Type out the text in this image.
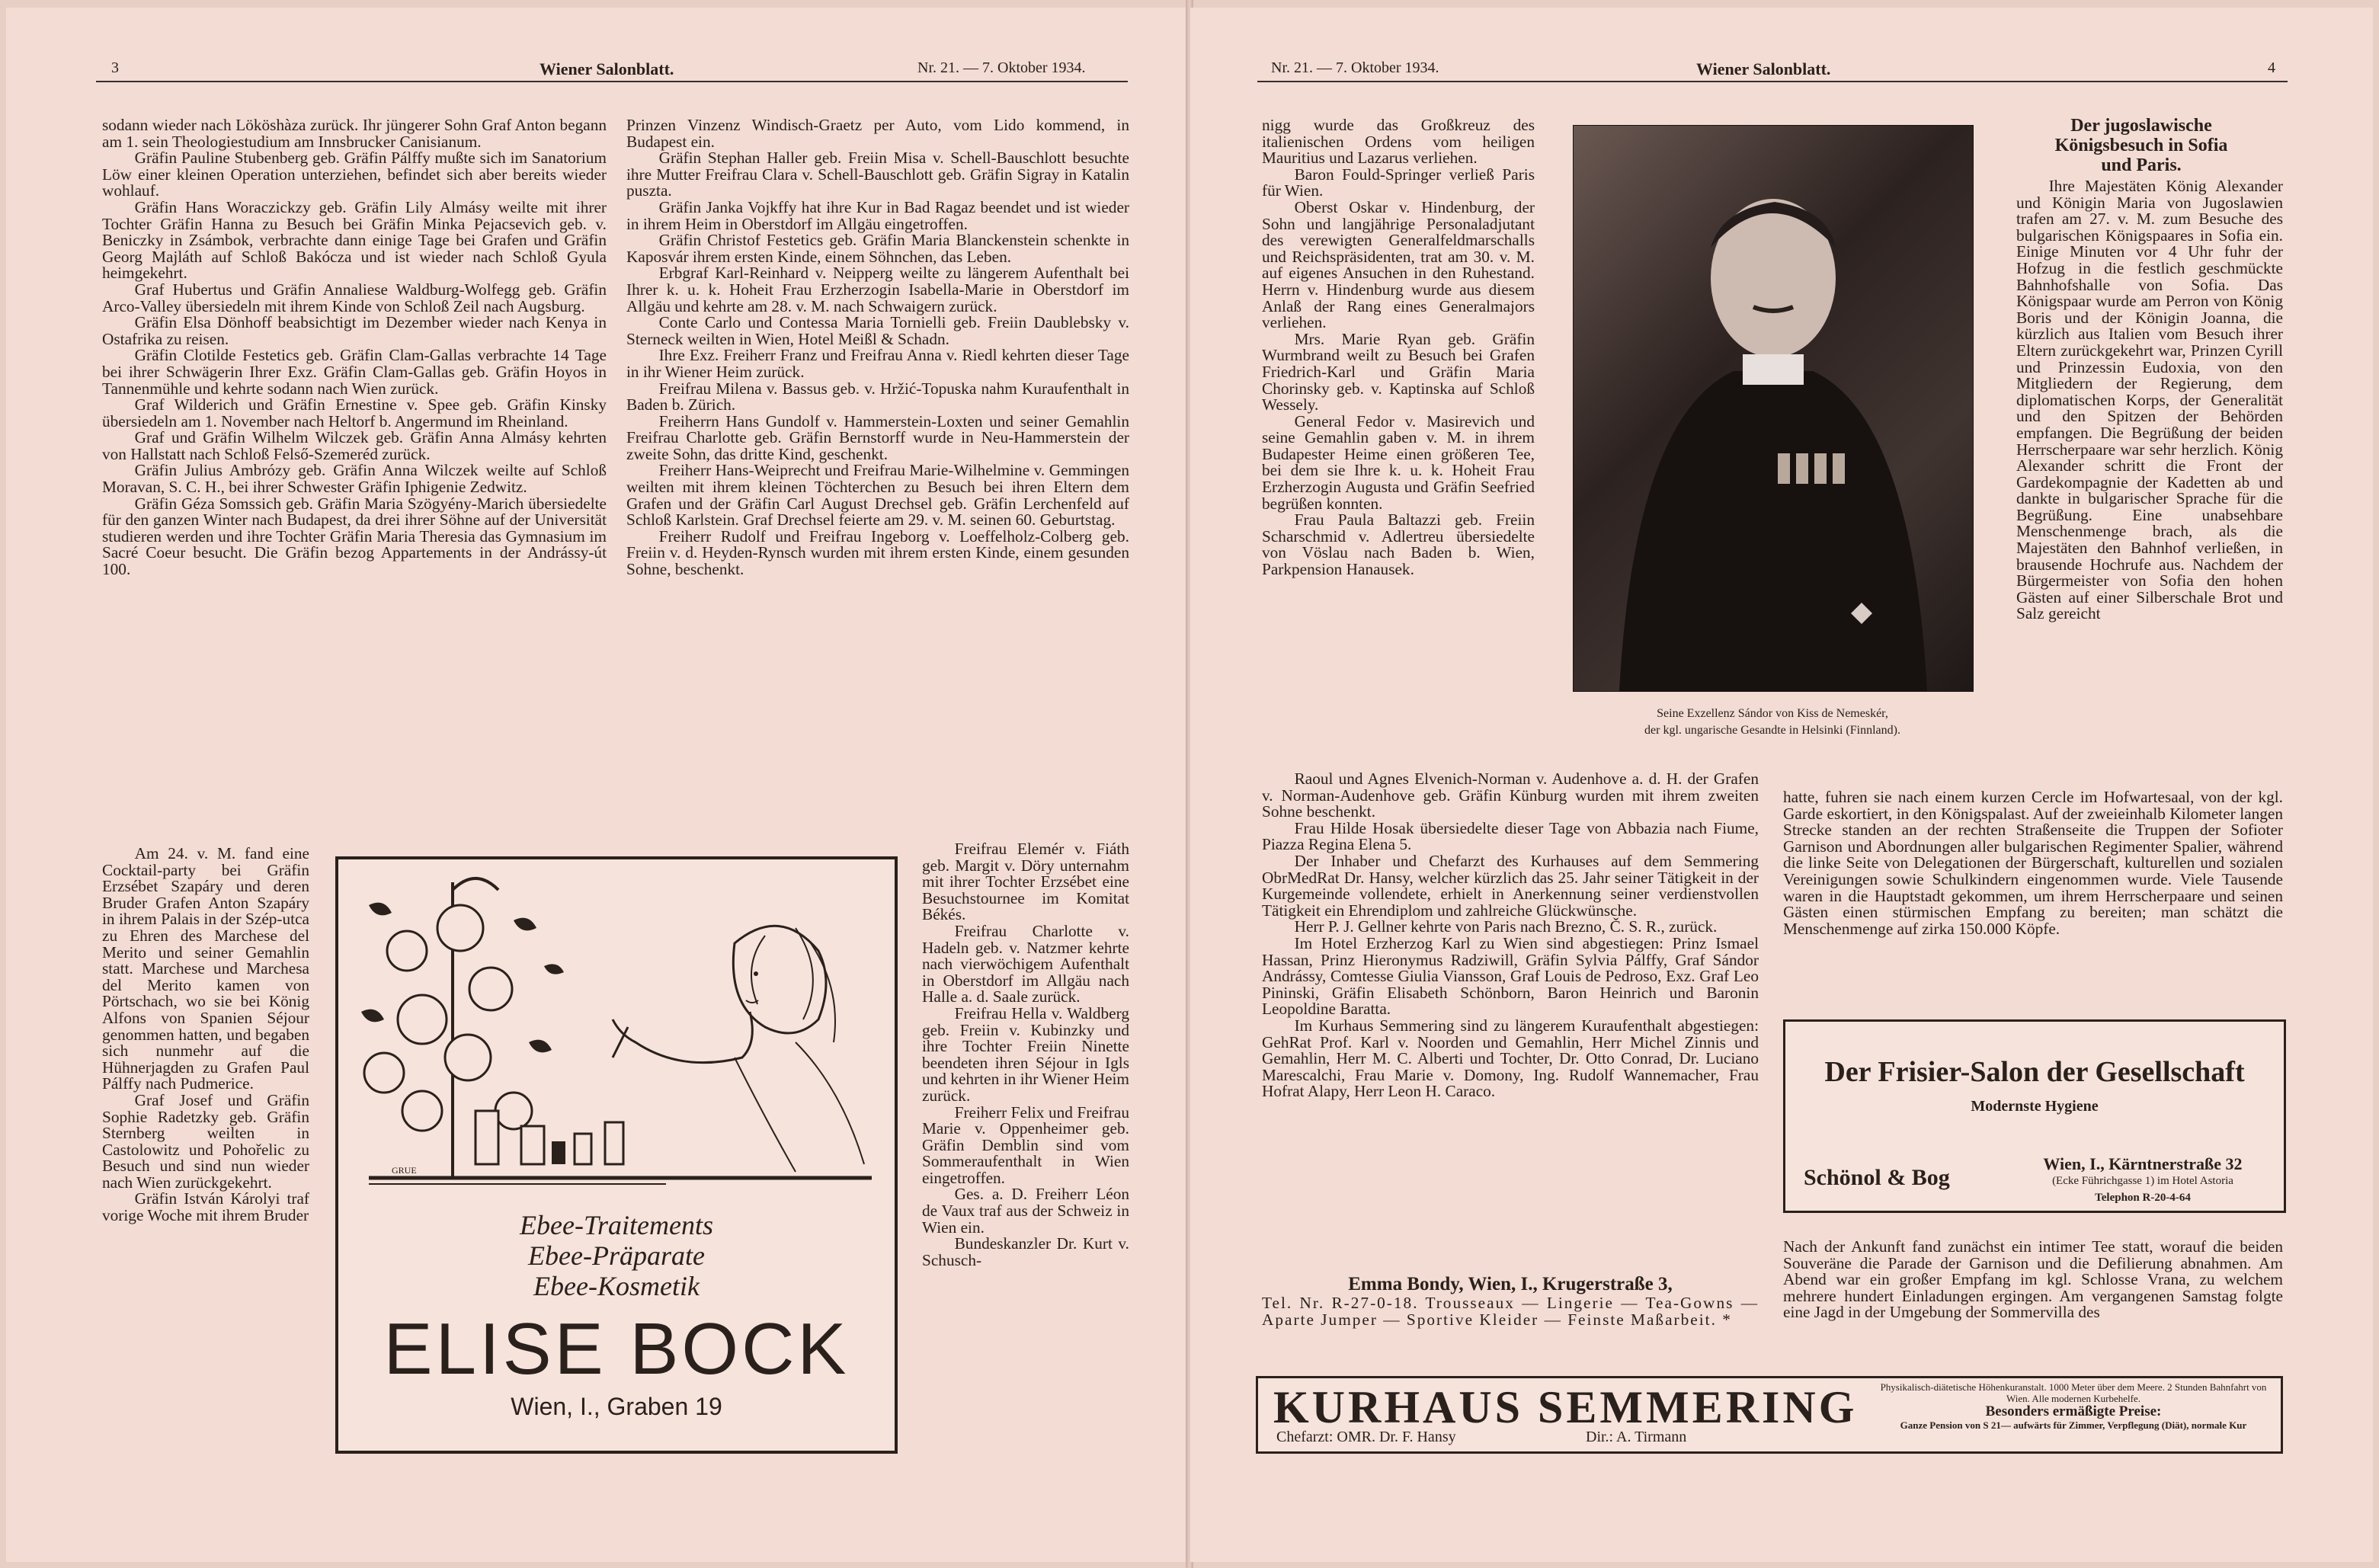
3	Wiener Salonblatt.	Nr. 21. — 7. Oktober 1934.

sodann wieder nach Lököshàza zurück. Ihr jüngerer Sohn Graf Anton begann am 1. sein Theologiestudium am Innsbrucker Canisianum.

Gräfin Pauline Stubenberg geb. Gräfin Pálffy mußte sich im Sanatorium Löw einer kleinen Operation unterziehen, befindet sich aber bereits wieder wohlauf.

Gräfin Hans Woraczickzy geb. Gräfin Lily Almásy weilte mit ihrer Tochter Gräfin Hanna zu Besuch bei Gräfin Minka Pejacsevich geb. v. Beniczky in Zsámbok, verbrachte dann einige Tage bei Grafen und Gräfin Georg Majláth auf Schloß Bakócza und ist wieder nach Schloß Gyula heimgekehrt.

Graf Hubertus und Gräfin Annaliese Waldburg-Wolfegg geb. Gräfin Arco-Valley übersiedeln mit ihrem Kinde von Schloß Zeil nach Augsburg.

Gräfin Elsa Dönhoff beabsichtigt im Dezember wieder nach Kenya in Ostafrika zu reisen.

Gräfin Clotilde Festetics geb. Gräfin Clam-Gallas verbrachte 14 Tage bei ihrer Schwägerin Ihrer Exz. Gräfin Clam-Gallas geb. Gräfin Hoyos in Tannenmühle und kehrte sodann nach Wien zurück.

Graf Wilderich und Gräfin Ernestine v. Spee geb. Gräfin Kinsky übersiedeln am 1. November nach Heltorf b. Angermund im Rheinland.

Graf und Gräfin Wilhelm Wilczek geb. Gräfin Anna Almásy kehrten von Hallstatt nach Schloß Felső-Szemeréd zurück.

Gräfin Julius Ambrózy geb. Gräfin Anna Wilczek weilte auf Schloß Moravan, S. C. H., bei ihrer Schwester Gräfin Iphigenie Zedwitz.

Gräfin Géza Somssich geb. Gräfin Maria Szögyény-Marich übersiedelte für den ganzen Winter nach Budapest, da drei ihrer Söhne auf der Universität studieren werden und ihre Tochter Gräfin Maria Theresia das Gymnasium im Sacré Coeur besucht. Die Gräfin bezog Appartements in der Andrássy-út 100.

Am 24. v. M. fand eine Cocktail-party bei Gräfin Erzsébet Szapáry und deren Bruder Grafen Anton Szapáry in ihrem Palais in der Szép-utca zu Ehren des Marchese del Merito und seiner Gemahlin statt. Marchese und Marchesa del Merito kamen von Pörtschach, wo sie bei König Alfons von Spanien Séjour genommen hatten, und begaben sich nunmehr auf die Hühnerjagden zu Grafen Paul Pálffy nach Pudmerice.

Graf Josef und Gräfin Sophie Radetzky geb. Gräfin Sternberg weilten in Castolowitz und Pohořelic zu Besuch und sind nun wieder nach Wien zurückgekehrt.

Gräfin István Károlyi traf vorige Woche mit ihrem Bruder

Prinzen Vinzenz Windisch-Graetz per Auto, vom Lido kommend, in Budapest ein.

Gräfin Stephan Haller geb. Freiin Misa v. Schell-Bauschlott besuchte ihre Mutter Freifrau Clara v. Schell-Bauschlott geb. Gräfin Sigray in Katalin puszta.

Gräfin Janka Vojkffy hat ihre Kur in Bad Ragaz beendet und ist wieder in ihrem Heim in Oberstdorf im Allgäu eingetroffen.

Gräfin Christof Festetics geb. Gräfin Maria Blanckenstein schenkte in Kaposvár ihrem ersten Kinde, einem Söhnchen, das Leben.

Erbgraf Karl-Reinhard v. Neipperg weilte zu längerem Aufenthalt bei Ihrer k. u. k. Hoheit Frau Erzherzogin Isabella-Marie in Oberstdorf im Allgäu und kehrte am 28. v. M. nach Schwaigern zurück.

Conte Carlo und Contessa Maria Tornielli geb. Freiin Daublebsky v. Sterneck weilten in Wien, Hotel Meißl & Schadn.

Ihre Exz. Freiherr Franz und Freifrau Anna v. Riedl kehrten dieser Tage in ihr Wiener Heim zurück.

Freifrau Milena v. Bassus geb. v. Hržić-Topuska nahm Kuraufenthalt in Baden b. Zürich.

Freiherrn Hans Gundolf v. Hammerstein-Loxten und seiner Gemahlin Freifrau Charlotte geb. Gräfin Bernstorff wurde in Neu-Hammerstein der zweite Sohn, das dritte Kind, geschenkt.

Freiherr Hans-Weiprecht und Freifrau Marie-Wilhelmine v. Gemmingen weilten mit ihrem kleinen Töchterchen zu Besuch bei ihren Eltern dem Grafen und der Gräfin Carl August Drechsel geb. Gräfin Lerchenfeld auf Schloß Karlstein. Graf Drechsel feierte am 29. v. M. seinen 60. Geburtstag.

Freiherr Rudolf und Freifrau Ingeborg v. Loeffelholz-Colberg geb. Freiin v. d. Heyden-Rynsch wurden mit ihrem ersten Kinde, einem gesunden Sohne, beschenkt.

Freifrau Elemér v. Fiáth geb. Margit v. Döry unternahm mit ihrer Tochter Erzsébet eine Besuchstournee im Komitat Békés.

Freifrau Charlotte v. Hadeln geb. v. Natzmer kehrte nach vierwöchigem Aufenthalt in Oberstdorf im Allgäu nach Halle a. d. Saale zurück.

Freifrau Hella v. Waldberg geb. Freiin v. Kubinzky und ihre Tochter Freiin Ninette beendeten ihren Séjour in Igls und kehrten in ihr Wiener Heim zurück.

Freiherr Felix und Freifrau Marie v. Oppenheimer geb. Gräfin Demblin sind vom Sommeraufenthalt in Wien eingetroffen.

Ges. a. D. Freiherr Léon de Vaux traf aus der Schweiz in Wien ein.

Bundeskanzler Dr. Kurt v. Schusch-

GRUE
Ebee-Traitements
Ebee-Präparate
Ebee-Kosmetik
ELISE BOCK
Wien, I., Graben 19
Nr. 21. — 7. Oktober 1934.	Wiener Salonblatt.	4

nigg wurde das Großkreuz des italienischen Ordens vom heiligen Mauritius und Lazarus verliehen.

Baron Fould-Springer verließ Paris für Wien.

Oberst Oskar v. Hindenburg, der Sohn und langjährige Personaladjutant des verewigten Generalfeldmarschalls und Reichspräsidenten, trat am 30. v. M. auf eigenes Ansuchen in den Ruhestand. Herrn v. Hindenburg wurde aus diesem Anlaß der Rang eines Generalmajors verliehen.

Mrs. Marie Ryan geb. Gräfin Wurmbrand weilt zu Besuch bei Grafen Friedrich-Karl und Gräfin Maria Chorinsky geb. v. Kaptinska auf Schloß Wessely.

General Fedor v. Masirevich und seine Gemahlin gaben v. M. in ihrem Budapester Heime einen größeren Tee, bei dem sie Ihre k. u. k. Hoheit Frau Erzherzogin Augusta und Gräfin Seefried begrüßen konnten.

Frau Paula Baltazzi geb. Freiin Scharschmid v. Adlertreu übersiedelte von Vöslau nach Baden b. Wien, Parkpension Hanausek.

Raoul und Agnes Elvenich-Norman v. Audenhove a. d. H. der Grafen v. Norman-Audenhove geb. Gräfin Künburg wurden mit ihrem zweiten Sohne beschenkt.

Frau Hilde Hosak übersiedelte dieser Tage von Abbazia nach Fiume, Piazza Regina Elena 5.

Der Inhaber und Chefarzt des Kurhauses auf dem Semmering ObrMedRat Dr. Hansy, welcher kürzlich das 25. Jahr seiner Tätigkeit in der Kurgemeinde vollendete, erhielt in Anerkennung seiner verdienstvollen Tätigkeit ein Ehrendiplom und zahlreiche Glückwünsche.

Herr P. J. Gellner kehrte von Paris nach Brezno, Č. S. R., zurück.

Im Hotel Erzherzog Karl zu Wien sind abgestiegen: Prinz Ismael Hassan, Prinz Hieronymus Radziwill, Gräfin Sylvia Pálffy, Graf Sándor Andrássy, Comtesse Giulia Viansson, Graf Louis de Pedroso, Exz. Graf Leo Pininski, Gräfin Elisabeth Schönborn, Baron Heinrich und Baronin Leopoldine Baratta.

Im Kurhaus Semmering sind zu längerem Kuraufenthalt abgestiegen: GehRat Prof. Karl v. Noorden und Gemahlin, Herr Michel Zinnis und Gemahlin, Herr M. C. Alberti und Tochter, Dr. Otto Conrad, Dr. Luciano Marescalchi, Frau Marie v. Domony, Ing. Rudolf Wannemacher, Frau Hofrat Alapy, Herr Leon H. Caraco.

Emma Bondy, Wien, I., Krugerstraße 3,

Tel. Nr. R-27-0-18. Trousseaux — Lingerie — Tea-Gowns — Aparte Jumper — Sportive Kleider — Feinste Maßarbeit. *

Seine Exzellenz Sándor von Kiss de Nemeskér,
der kgl. ungarische Gesandte in Helsinki (Finnland).
Der jugoslawische
Königsbesuch in Sofia
und Paris.

Ihre Majestäten König Alexander und Königin Maria von Jugoslawien trafen am 27. v. M. zum Besuche des bulgarischen Königspaares in Sofia ein. Einige Minuten vor 4 Uhr fuhr der Hofzug in die festlich geschmückte Bahnhofshalle von Sofia. Das Königspaar wurde am Perron von König Boris und der Königin Joanna, die kürzlich aus Italien vom Besuch ihrer Eltern zurückgekehrt war, Prinzen Cyrill und Prinzessin Eudoxia, von den Mitgliedern der Regierung, dem diplomatischen Korps, der Generalität und den Spitzen der Behörden empfangen. Die Begrüßung der beiden Herrscherpaare war sehr herzlich. König Alexander schritt die Front der Gardekompagnie der Kadetten ab und dankte in bulgarischer Sprache für die Begrüßung. Eine unabsehbare Menschenmenge brach, als die Majestäten den Bahnhof verließen, in brausende Hochrufe aus. Nachdem der Bürgermeister von Sofia den hohen Gästen auf einer Silberschale Brot und Salz gereicht

hatte, fuhren sie nach einem kurzen Cercle im Hofwartesaal, von der kgl. Garde eskortiert, in den Königspalast. Auf der zweieinhalb Kilometer langen Strecke standen an der rechten Straßenseite die Truppen der Sofioter Garnison und Abordnungen aller bulgarischen Regimenter Spalier, während die linke Seite von Delegationen der Bürgerschaft, kulturellen und sozialen Vereinigungen sowie Schulkindern eingenommen wurde. Viele Tausende waren in die Hauptstadt gekommen, um ihrem Herrscherpaare und seinen Gästen einen stürmischen Empfang zu bereiten; man schätzt die Menschenmenge auf zirka 150.000 Köpfe.

Der Frisier-Salon der Gesellschaft
Modernste Hygiene
Schönol & Bog
Wien, I., Kärntnerstraße 32
(Ecke Führichgasse 1) im Hotel Astoria
Telephon R-20-4-64

Nach der Ankunft fand zunächst ein intimer Tee statt, worauf die beiden Souveräne die Parade der Garnison und die Defilierung abnahmen. Am Abend war ein großer Empfang im kgl. Schlosse Vrana, zu welchem mehrere hundert Einladungen ergingen. Am vergangenen Samstag folgte eine Jagd in der Umgebung der Sommervilla des

KURHAUS SEMMERING
Chefarzt: OMR. Dr. F. Hansy	Dir.: A. Tirmann
Physikalisch-diätetische Höhenkuranstalt. 1000 Meter über dem Meere. 2 Stunden Bahnfahrt von Wien. Alle modernen Kurbehelfe.
Besonders ermäßigte Preise:
Ganze Pension von S 21— aufwärts für Zimmer, Verpflegung (Diät), normale Kur
